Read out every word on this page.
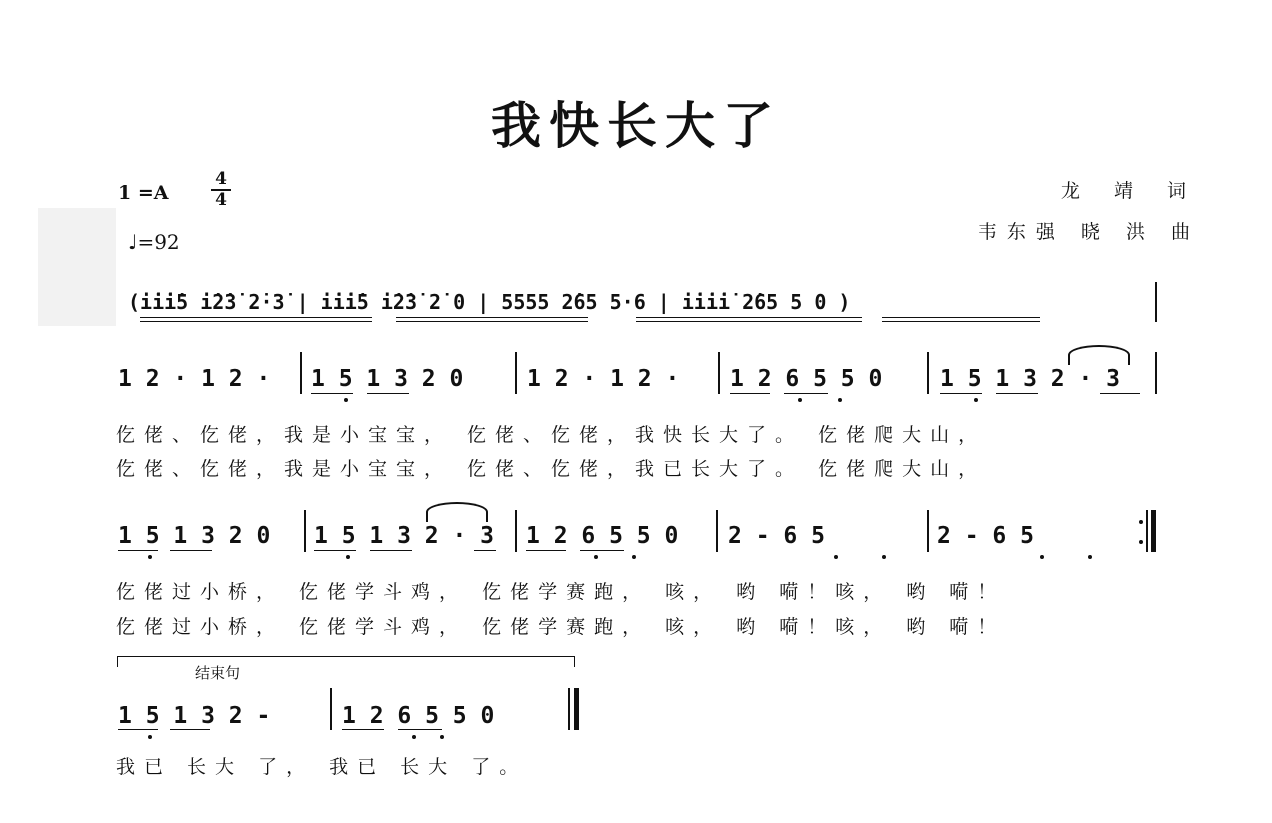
我快长大了
1 =A
4
4
♩=92
龙 靖 词
韦东强 晓 洪 曲
(i̇i̇i̇5 i̇2̇3̇ 2̇·3̇ | i̇i̇i̇5 i̇2̇3̇ 2̇ 0 | 5555 2̇65 5·6 | i̇i̇i̇i̇ 2̇65 5 0 )
1 2 · 1 2 · 1 5 1 3 2 0	1 2 · 1 2 · 1 2 6 5 5 0	1 5 1 3 2 · 3
仡佬、仡佬，我是小宝宝， 仡佬、仡佬，我快长大了。 仡佬爬大山，
仡佬、仡佬，我是小宝宝， 仡佬、仡佬，我已长大了。 仡佬爬大山，
1 5 1 3 2 0 1 5 1 3 2 · 3 1 2 6 5 5 0 2 - 6 5	2 - 6 5
仡佬过小桥， 仡佬学斗鸡， 仡佬学赛跑， 咳， 哟 嗬！咳， 哟 嗬！
仡佬过小桥， 仡佬学斗鸡， 仡佬学赛跑， 咳， 哟 嗬！咳， 哟 嗬！
结束句
1 5 1 3 2 -	1 2 6 5 5 0
我已 长大 了， 我已 长大 了。
